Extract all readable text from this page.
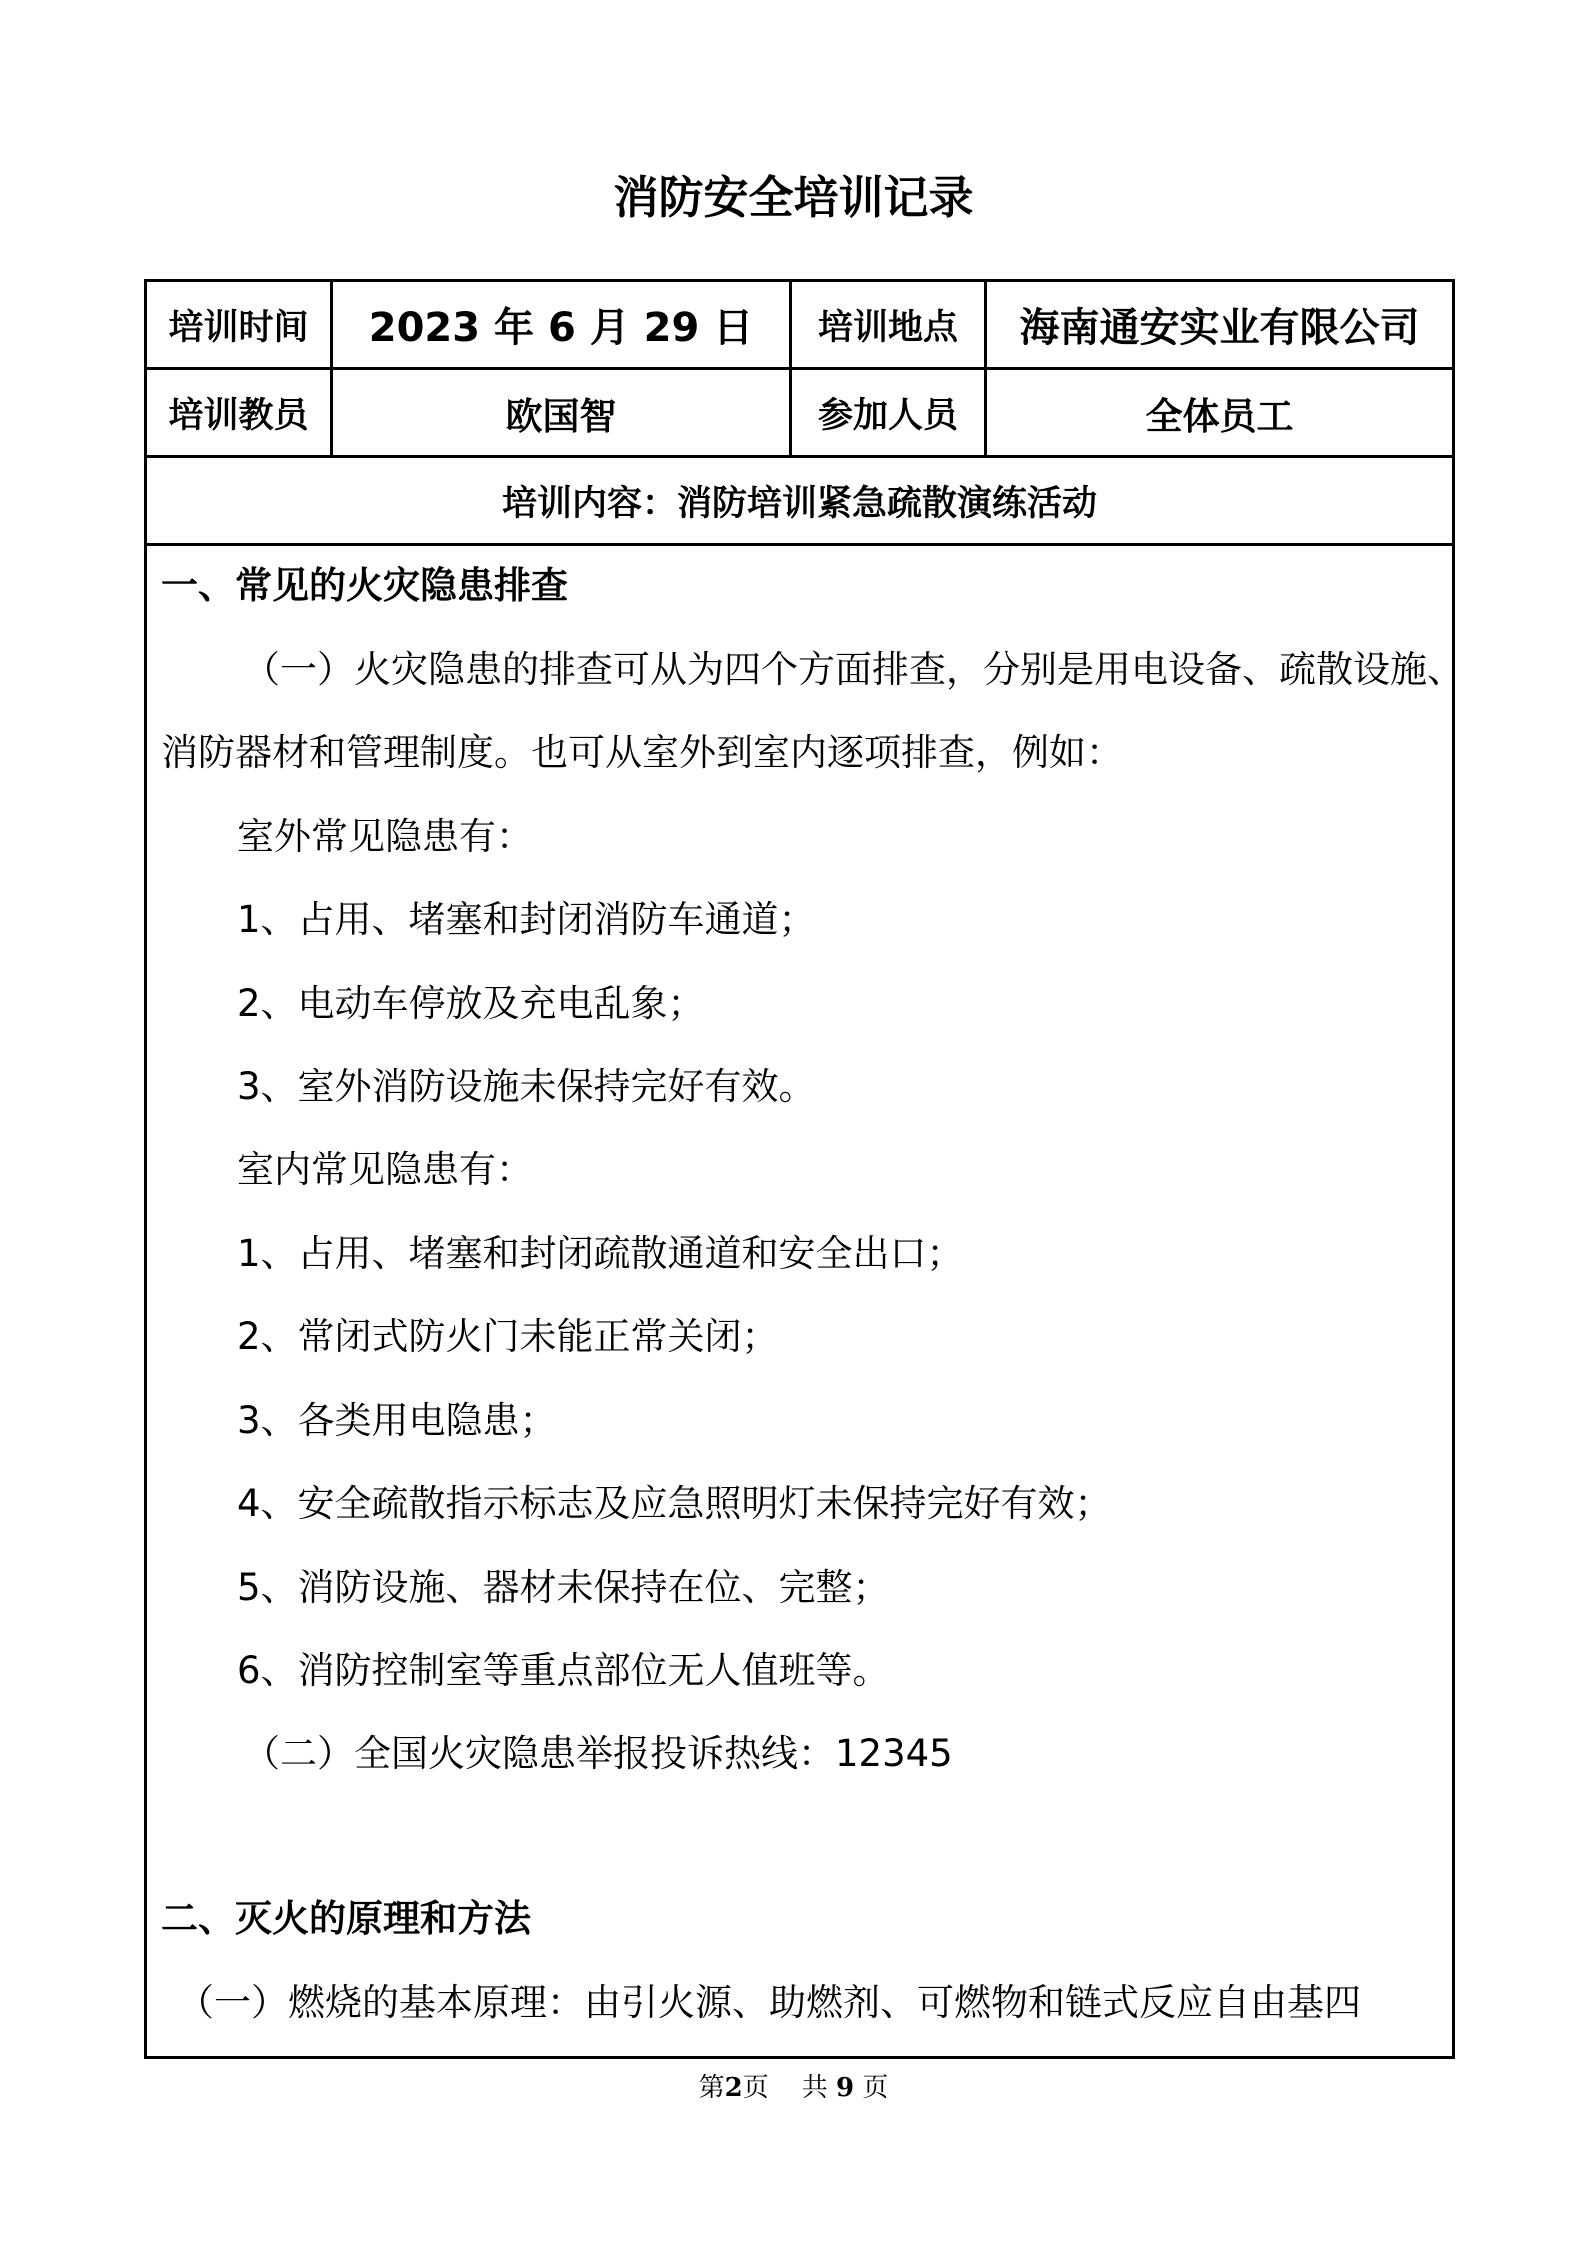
消防安全培训记录
培训时间	2023 年 6 月 29 日	培训地点	海南通安实业有限公司
培训教员	欧国智	参加人员	全体员工
培训内容：消防培训紧急疏散演练活动
一、常见的火灾隐患排查
（一）火灾隐患的排查可从为四个方面排查，分别是用电设备、疏散设施、
消防器材和管理制度。也可从室外到室内逐项排查，例如：
室外常见隐患有：
1、占用、堵塞和封闭消防车通道；
2、电动车停放及充电乱象；
3、室外消防设施未保持完好有效。
室内常见隐患有：
1、占用、堵塞和封闭疏散通道和安全出口；
2、常闭式防火门未能正常关闭；
3、各类用电隐患；
4、安全疏散指示标志及应急照明灯未保持完好有效；
5、消防设施、器材未保持在位、完整；
6、消防控制室等重点部位无人值班等。
（二）全国火灾隐患举报投诉热线：12345
二、灭火的原理和方法
（一）燃烧的基本原理：由引火源、助燃剂、可燃物和链式反应自由基四
第2页 共 9 页
